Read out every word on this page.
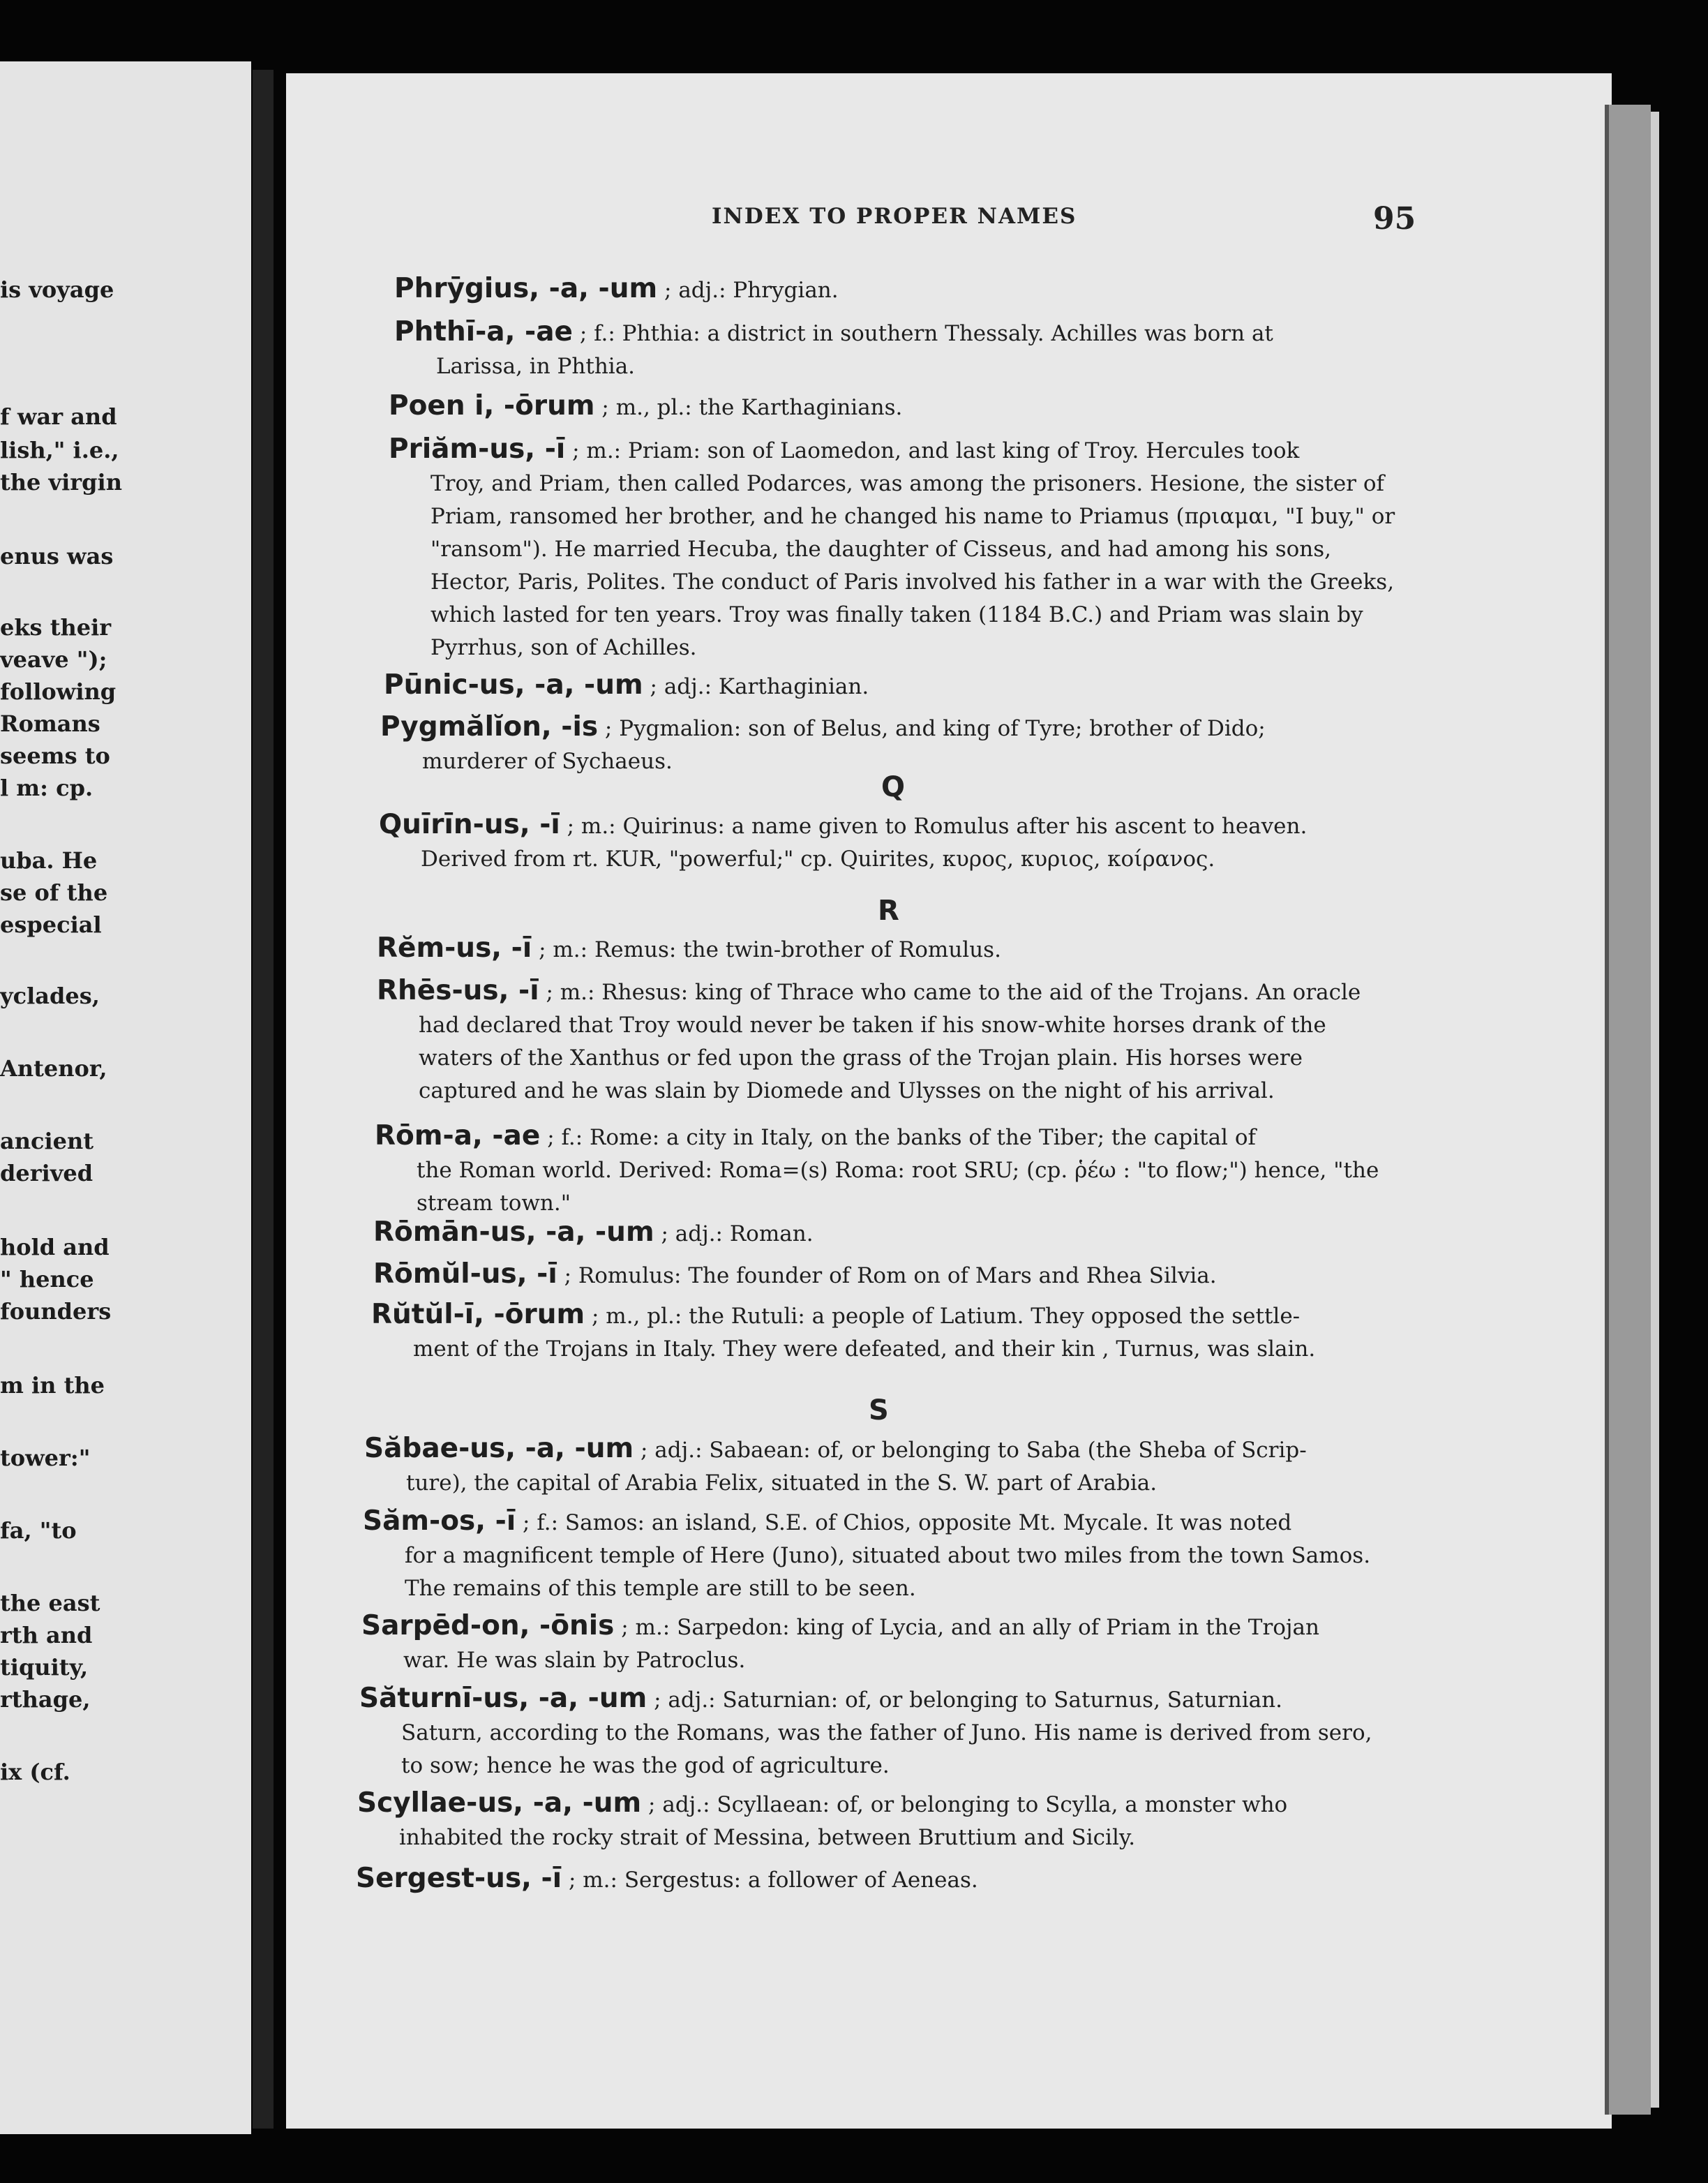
is voyage
f war and
lish," i.e.,
the virgin
enus was
eks their
veave ");
following
Romans
seems to
l m: cp.
uba. He
se of the
especial
yclades,
Antenor,
ancient
derived
hold and
" hence
founders
m in the
tower:"
fa, "to
the east
rth and
tiquity,
rthage,
ix (cf.
INDEX TO PROPER NAMES	95
Phrȳgius, -a, -um ; adj.: Phrygian.
Phthī-a, -ae ; f.: Phthia: a district in southern Thessaly. Achilles was born at
Larissa, in Phthia.
Poen i, -ōrum ; m., pl.: the Karthaginians.
Priăm-us, -ī ; m.: Priam: son of Laomedon, and last king of Troy. Hercules took
Troy, and Priam, then called Podarces, was among the prisoners. Hesione, the sister of Priam, ransomed her brother, and he changed his name to Priamus (πριαμαι, "I buy," or "ransom"). He married Hecuba, the daughter of Cisseus, and had among his sons, Hector, Paris, Polites. The conduct of Paris involved his father in a war with the Greeks, which lasted for ten years. Troy was finally taken (1184 B.C.) and Priam was slain by Pyrrhus, son of Achilles.
Pūnic-us, -a, -um ; adj.: Karthaginian.
Pygmălĭon, -is ; Pygmalion: son of Belus, and king of Tyre; brother of Dido;
murderer of Sychaeus.
Q
Quīrīn-us, -ī ; m.: Quirinus: a name given to Romulus after his ascent to heaven.
Derived from rt. KUR, "powerful;" cp. Quirites, κυρος, κυριος, κοίρανος.
R
Rĕm-us, -ī ; m.: Remus: the twin-brother of Romulus.
Rhēs-us, -ī ; m.: Rhesus: king of Thrace who came to the aid of the Trojans. An oracle
had declared that Troy would never be taken if his snow-white horses drank of the waters of the Xanthus or fed upon the grass of the Trojan plain. His horses were captured and he was slain by Diomede and Ulysses on the night of his arrival.
Rōm-a, -ae ; f.: Rome: a city in Italy, on the banks of the Tiber; the capital of
the Roman world. Derived: Roma=(s) Roma: root SRU; (cp. ῥέω : "to flow;") hence, "the stream town."
Rōmān-us, -a, -um ; adj.: Roman.
Rōmŭl-us, -ī ; Romulus: The founder of Rom on of Mars and Rhea Silvia.
Rŭtŭl-ī, -ōrum ; m., pl.: the Rutuli: a people of Latium. They opposed the settle-
ment of the Trojans in Italy. They were defeated, and their kin , Turnus, was slain.
S
Săbae-us, -a, -um ; adj.: Sabaean: of, or belonging to Saba (the Sheba of Scrip-
ture), the capital of Arabia Felix, situated in the S. W. part of Arabia.
Săm-os, -ī ; f.: Samos: an island, S.E. of Chios, opposite Mt. Mycale. It was noted
for a magnificent temple of Here (Juno), situated about two miles from the town Samos. The remains of this temple are still to be seen.
Sarpēd-on, -ōnis ; m.: Sarpedon: king of Lycia, and an ally of Priam in the Trojan
war. He was slain by Patroclus.
Săturnī-us, -a, -um ; adj.: Saturnian: of, or belonging to Saturnus, Saturnian.
Saturn, according to the Romans, was the father of Juno. His name is derived from sero, to sow; hence he was the god of agriculture.
Scyllae-us, -a, -um ; adj.: Scyllaean: of, or belonging to Scylla, a monster who
inhabited the rocky strait of Messina, between Bruttium and Sicily.
Sergest-us, -ī ; m.: Sergestus: a follower of Aeneas.
